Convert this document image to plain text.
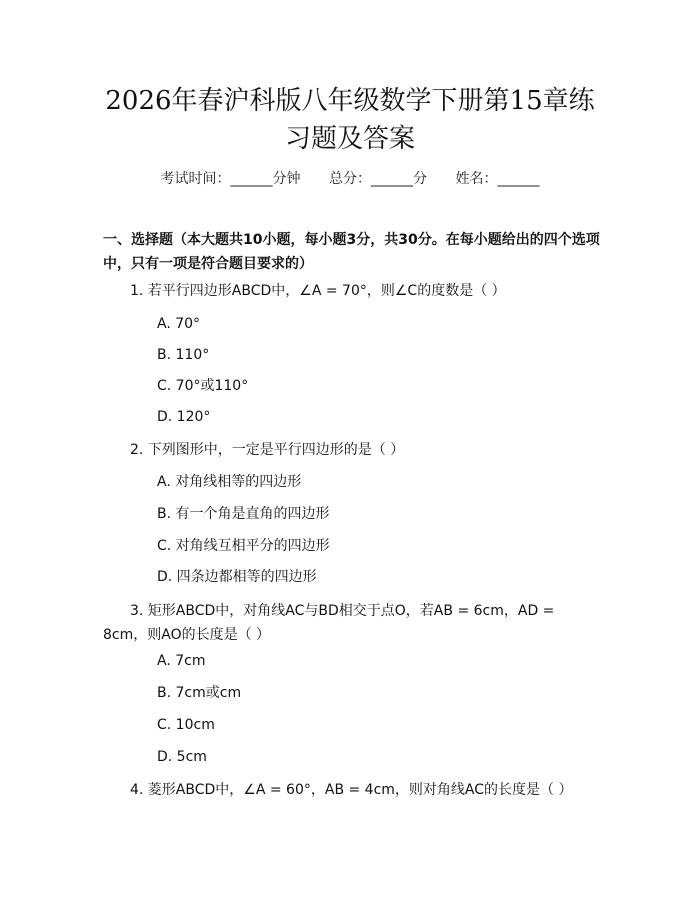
2026年春沪科版八年级数学下册第15章练
习题及答案
考试时间：______分钟 总分：______分 姓名：______
一、选择题（本大题共10小题，每小题3分，共30分。在每小题给出的四个选项中，只有一项是符合题目要求的）
1. 若平行四边形ABCD中，∠A = 70°，则∠C的度数是（ ）
A. 70°
B. 110°
C. 70°或110°
D. 120°
2. 下列图形中，一定是平行四边形的是（ ）
A. 对角线相等的四边形
B. 有一个角是直角的四边形
C. 对角线互相平分的四边形
D. 四条边都相等的四边形
3. 矩形ABCD中，对角线AC与BD相交于点O，若AB = 6cm，AD = 8cm，则AO的长度是（ ）
A. 7cm
B. 7cm或cm
C. 10cm
D. 5cm
4. 菱形ABCD中，∠A = 60°，AB = 4cm，则对角线AC的长度是（ ）
